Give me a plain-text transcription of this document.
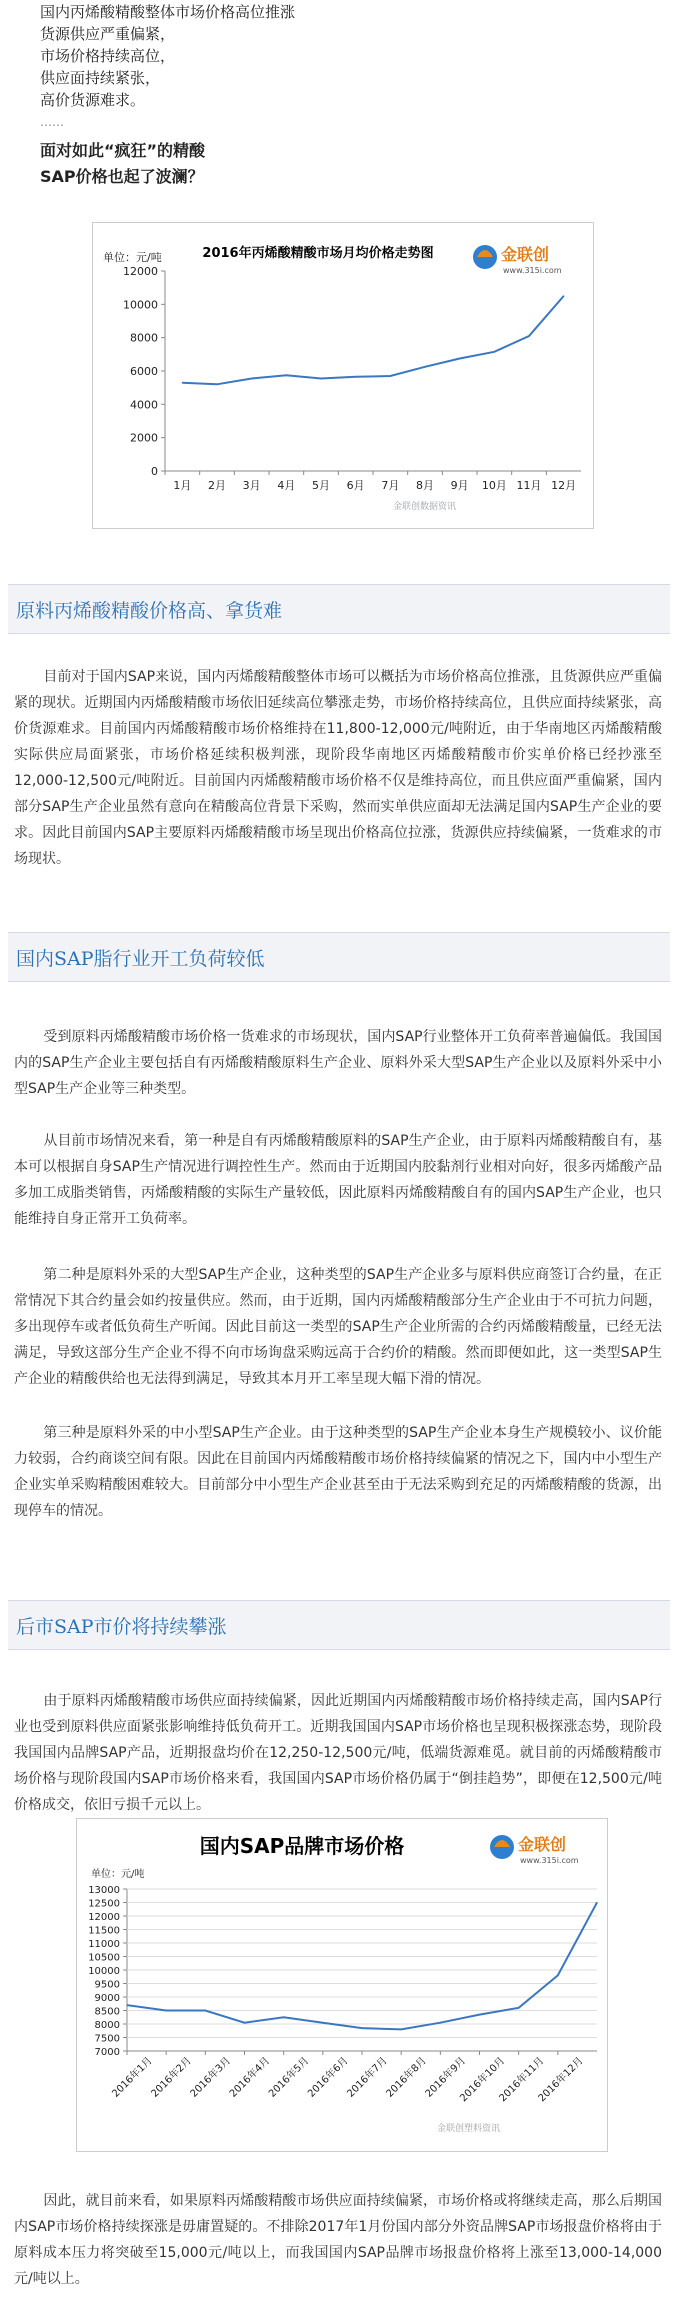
国内丙烯酸精酸整体市场价格高位推涨
货源供应严重偏紧，
市场价格持续高位，
供应面持续紧张，
高价货源难求。
……
面对如此“疯狂”的精酸
SAP价格也起了波澜？
2016年丙烯酸精酸市场月均价格走势图
单位：元/吨	金联创
www.315i.com
0
2000
4000
6000
8000
10000
12000
1月 2月 3月 4月 5月 6月 7月 8月 9月 10月 11月 12月
金联创数据资讯
原料丙烯酸精酸价格高、拿货难

目前对于国内SAP来说，国内丙烯酸精酸整体市场可以概括为市场价格高位推涨，且货源供应严重偏紧的现状。近期国内丙烯酸精酸市场依旧延续高位攀涨走势，市场价格持续高位，且供应面持续紧张，高价货源难求。目前国内丙烯酸精酸市场价格维持在11,800-12,000元/吨附近，由于华南地区丙烯酸精酸实际供应局面紧张，市场价格延续积极判涨，现阶段华南地区丙烯酸精酸市价实单价格已经抄涨至12,000-12,500元/吨附近。目前国内丙烯酸精酸市场价格不仅是维持高位，而且供应面严重偏紧，国内部分SAP生产企业虽然有意向在精酸高位背景下采购，然而实单供应面却无法满足国内SAP生产企业的要求。因此目前国内SAP主要原料丙烯酸精酸市场呈现出价格高位拉涨，货源供应持续偏紧，一货难求的市场现状。

国内SAP脂行业开工负荷较低

受到原料丙烯酸精酸市场价格一货难求的市场现状，国内SAP行业整体开工负荷率普遍偏低。我国国内的SAP生产企业主要包括自有丙烯酸精酸原料生产企业、原料外采大型SAP生产企业以及原料外采中小型SAP生产企业等三种类型。

从目前市场情况来看，第一种是自有丙烯酸精酸原料的SAP生产企业，由于原料丙烯酸精酸自有，基本可以根据自身SAP生产情况进行调控性生产。然而由于近期国内胶黏剂行业相对向好，很多丙烯酸产品多加工成脂类销售，丙烯酸精酸的实际生产量较低，因此原料丙烯酸精酸自有的国内SAP生产企业，也只能维持自身正常开工负荷率。

第二种是原料外采的大型SAP生产企业，这种类型的SAP生产企业多与原料供应商签订合约量，在正常情况下其合约量会如约按量供应。然而，由于近期，国内丙烯酸精酸部分生产企业由于不可抗力问题，多出现停车或者低负荷生产听闻。因此目前这一类型的SAP生产企业所需的合约丙烯酸精酸量，已经无法满足，导致这部分生产企业不得不向市场询盘采购远高于合约价的精酸。然而即便如此，这一类型SAP生产企业的精酸供给也无法得到满足，导致其本月开工率呈现大幅下滑的情况。

第三种是原料外采的中小型SAP生产企业。由于这种类型的SAP生产企业本身生产规模较小、议价能力较弱，合约商谈空间有限。因此在目前国内丙烯酸精酸市场价格持续偏紧的情况之下，国内中小型生产企业实单采购精酸困难较大。目前部分中小型生产企业甚至由于无法采购到充足的丙烯酸精酸的货源，出现停车的情况。

后市SAP市价将持续攀涨

由于原料丙烯酸精酸市场供应面持续偏紧，因此近期国内丙烯酸精酸市场价格持续走高，国内SAP行业也受到原料供应面紧张影响维持低负荷开工。近期我国国内SAP市场价格也呈现积极探涨态势，现阶段我国国内品牌SAP产品，近期报盘均价在12,250-12,500元/吨，低端货源难觅。就目前的丙烯酸精酸市场价格与现阶段国内SAP市场价格来看，我国国内SAP市场价格仍属于“倒挂趋势”，即便在12,500元/吨价格成交，依旧亏损千元以上。

国内SAP品牌市场价格
单位：元/吨
金联创
www.315i.com
7000
7500
8000
8500
9000
9500
10000
10500
11000
11500
12000
12500
13000
2016年1月
2016年2月
2016年3月
2016年4月
2016年5月
2016年6月
2016年7月
2016年8月
2016年9月
2016年10月
2016年11月
2016年12月
金联创塑料资讯

因此，就目前来看，如果原料丙烯酸精酸市场供应面持续偏紧，市场价格或将继续走高，那么后期国内SAP市场价格持续探涨是毋庸置疑的。不排除2017年1月份国内部分外资品牌SAP市场报盘价格将由于原料成本压力将突破至15,000元/吨以上，而我国国内SAP品牌市场报盘价格将上涨至13,000-14,000元/吨以上。
